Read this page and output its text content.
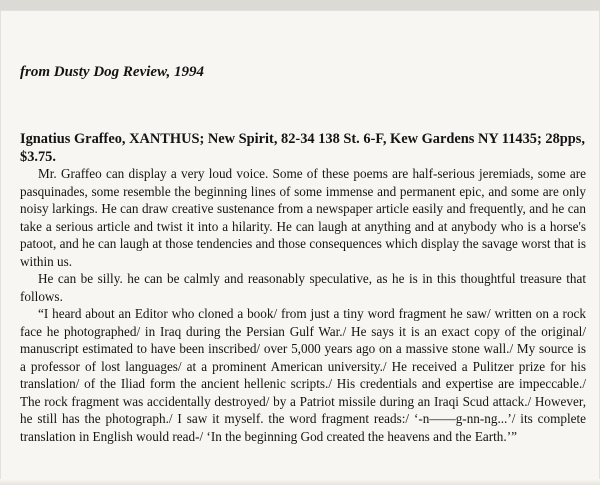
from Dusty Dog Review, 1994
Ignatius Graffeo, XANTHUS; New Spirit, 82-34 138 St. 6-F, Kew Gardens NY 11435; 28pps, $3.75.

Mr. Graffeo can display a very loud voice. Some of these poems are half-serious jeremiads, some are pasquinades, some resemble the beginning lines of some immense and permanent epic, and some are only noisy larkings. He can draw creative sustenance from a newspaper article easily and frequently, and he can take a serious article and twist it into a hilarity. He can laugh at anything and at anybody who is a horse's patoot, and he can laugh at those tendencies and those consequences which display the savage worst that is within us.

He can be silly. he can be calmly and reasonably speculative, as he is in this thoughtful treasure that follows.

“I heard about an Editor who cloned a book/ from just a tiny word fragment he saw/ written on a rock face he photographed/ in Iraq during the Persian Gulf War./ He says it is an exact copy of the original/ manuscript estimated to have been inscribed/ over 5,000 years ago on a massive stone wall./ My source is a professor of lost languages/ at a prominent American university./ He received a Pulitzer prize for his translation/ of the Iliad form the ancient hellenic scripts./ His credentials and expertise are impeccable./ The rock fragment was accidentally destroyed/ by a Patriot missile during an Iraqi Scud attack./ However, he still has the photograph./ I saw it myself. the word fragment reads:/ ‘-n——g-nn-ng...’/ its complete translation in English would read-/ ‘In the beginning God created the heavens and the Earth.’”
